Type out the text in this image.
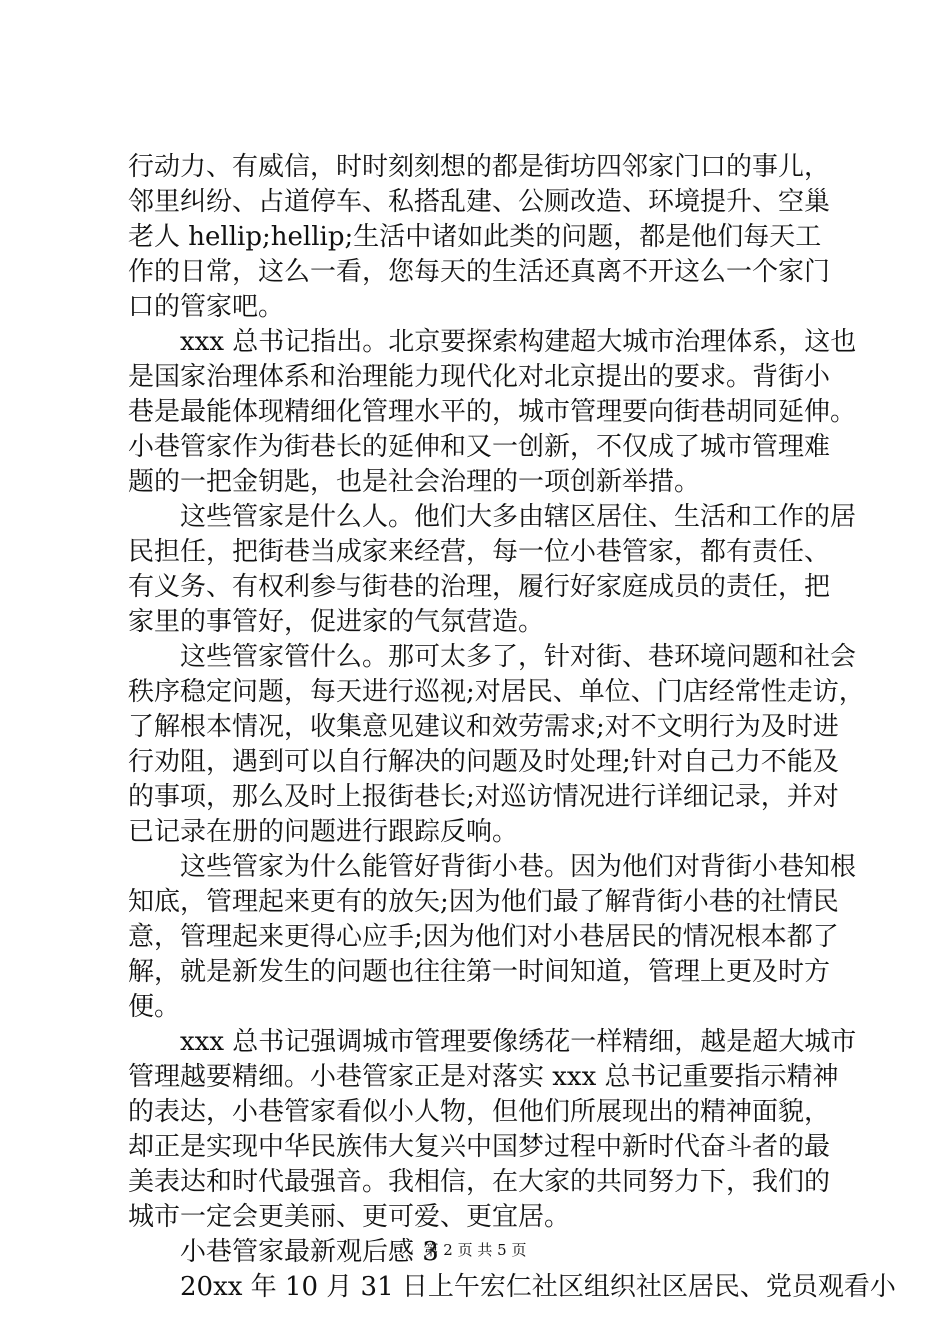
行动力、有威信，时时刻刻想的都是街坊四邻家门口的事儿，
邻里纠纷、占道停车、私搭乱建、公厕改造、环境提升、空巢
老人 hellip;hellip;生活中诸如此类的问题，都是他们每天工
作的日常，这么一看，您每天的生活还真离不开这么一个家门
口的管家吧。
xxx 总书记指出。北京要探索构建超大城市治理体系，这也
是国家治理体系和治理能力现代化对北京提出的要求。背街小
巷是最能体现精细化管理水平的，城市管理要向街巷胡同延伸。
小巷管家作为街巷长的延伸和又一创新，不仅成了城市管理难
题的一把金钥匙，也是社会治理的一项创新举措。
这些管家是什么人。他们大多由辖区居住、生活和工作的居
民担任，把街巷当成家来经营，每一位小巷管家，都有责任、
有义务、有权利参与街巷的治理，履行好家庭成员的责任，把
家里的事管好，促进家的气氛营造。
这些管家管什么。那可太多了，针对街、巷环境问题和社会
秩序稳定问题，每天进行巡视;对居民、单位、门店经常性走访，
了解根本情况，收集意见建议和效劳需求;对不文明行为及时进
行劝阻，遇到可以自行解决的问题及时处理;针对自己力不能及
的事项，那么及时上报街巷长;对巡访情况进行详细记录，并对
已记录在册的问题进行跟踪反响。
这些管家为什么能管好背街小巷。因为他们对背街小巷知根
知底，管理起来更有的放矢;因为他们最了解背街小巷的社情民
意，管理起来更得心应手;因为他们对小巷居民的情况根本都了
解，就是新发生的问题也往往第一时间知道，管理上更及时方
便。
xxx 总书记强调城市管理要像绣花一样精细，越是超大城市
管理越要精细。小巷管家正是对落实 xxx 总书记重要指示精神
的表达，小巷管家看似小人物，但他们所展现出的精神面貌，
却正是实现中华民族伟大复兴中国梦过程中新时代奋斗者的最
美表达和时代最强音。我相信，在大家的共同努力下，我们的
城市一定会更美丽、更可爱、更宜居。
小巷管家最新观后感 3
20xx 年 10 月 31 日上午宏仁社区组织社区居民、党员观看小
第 2 页 共 5 页
